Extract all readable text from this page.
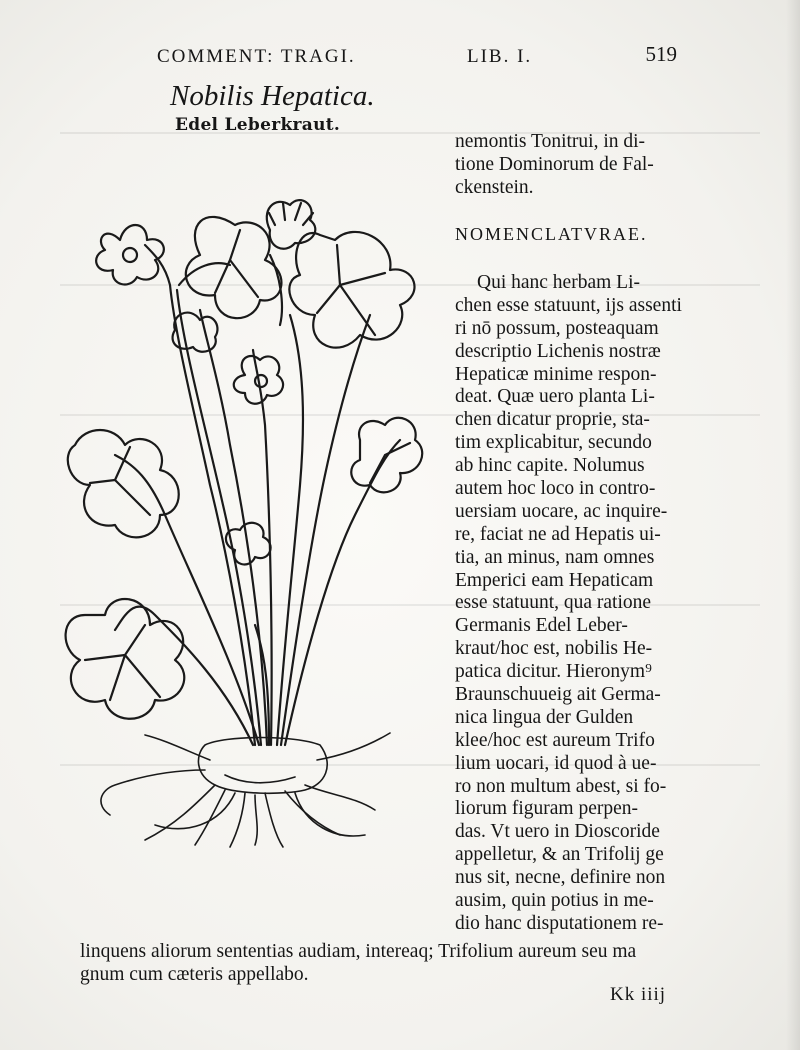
COMMENT: TRAGI.	LIB. I.	519
Nobilis Hepatica.
Edel Leberkraut.
nemontis Tonitrui, in di-
tione Dominorum de Fal-
ckenstein.
NOMENCLATVRAE.
Qui hanc herbam Li-
chen esse statuunt, ijs assenti
ri nō possum, posteaquam
descriptio Lichenis nostræ
Hepaticæ minime respon-
deat. Quæ uero planta Li-
chen dicatur proprie, sta-
tim explicabitur, secundo
ab hinc capite. Nolumus
autem hoc loco in contro-
uersiam uocare, ac inquire-
re, faciat ne ad Hepatis ui-
tia, an minus, nam omnes
Emperici eam Hepaticam
esse statuunt, qua ratione
Germanis Edel Leber-
kraut/hoc est, nobilis He-
patica dicitur. Hieronym⁹
Braunschuueig ait Germa-
nica lingua der Gulden
klee/hoc est aureum Trifo
lium uocari, id quod à ue-
ro non multum abest, si fo-
liorum figuram perpen-
das. Vt uero in Dioscoride
appelletur, & an Trifolij ge
nus sit, necne, definire non
ausim, quin potius in me-
dio hanc disputationem re-
linquens aliorum sententias audiam, intereaq; Trifolium aureum seu ma
gnum cum cæteris appellabo.
Kk iiij
